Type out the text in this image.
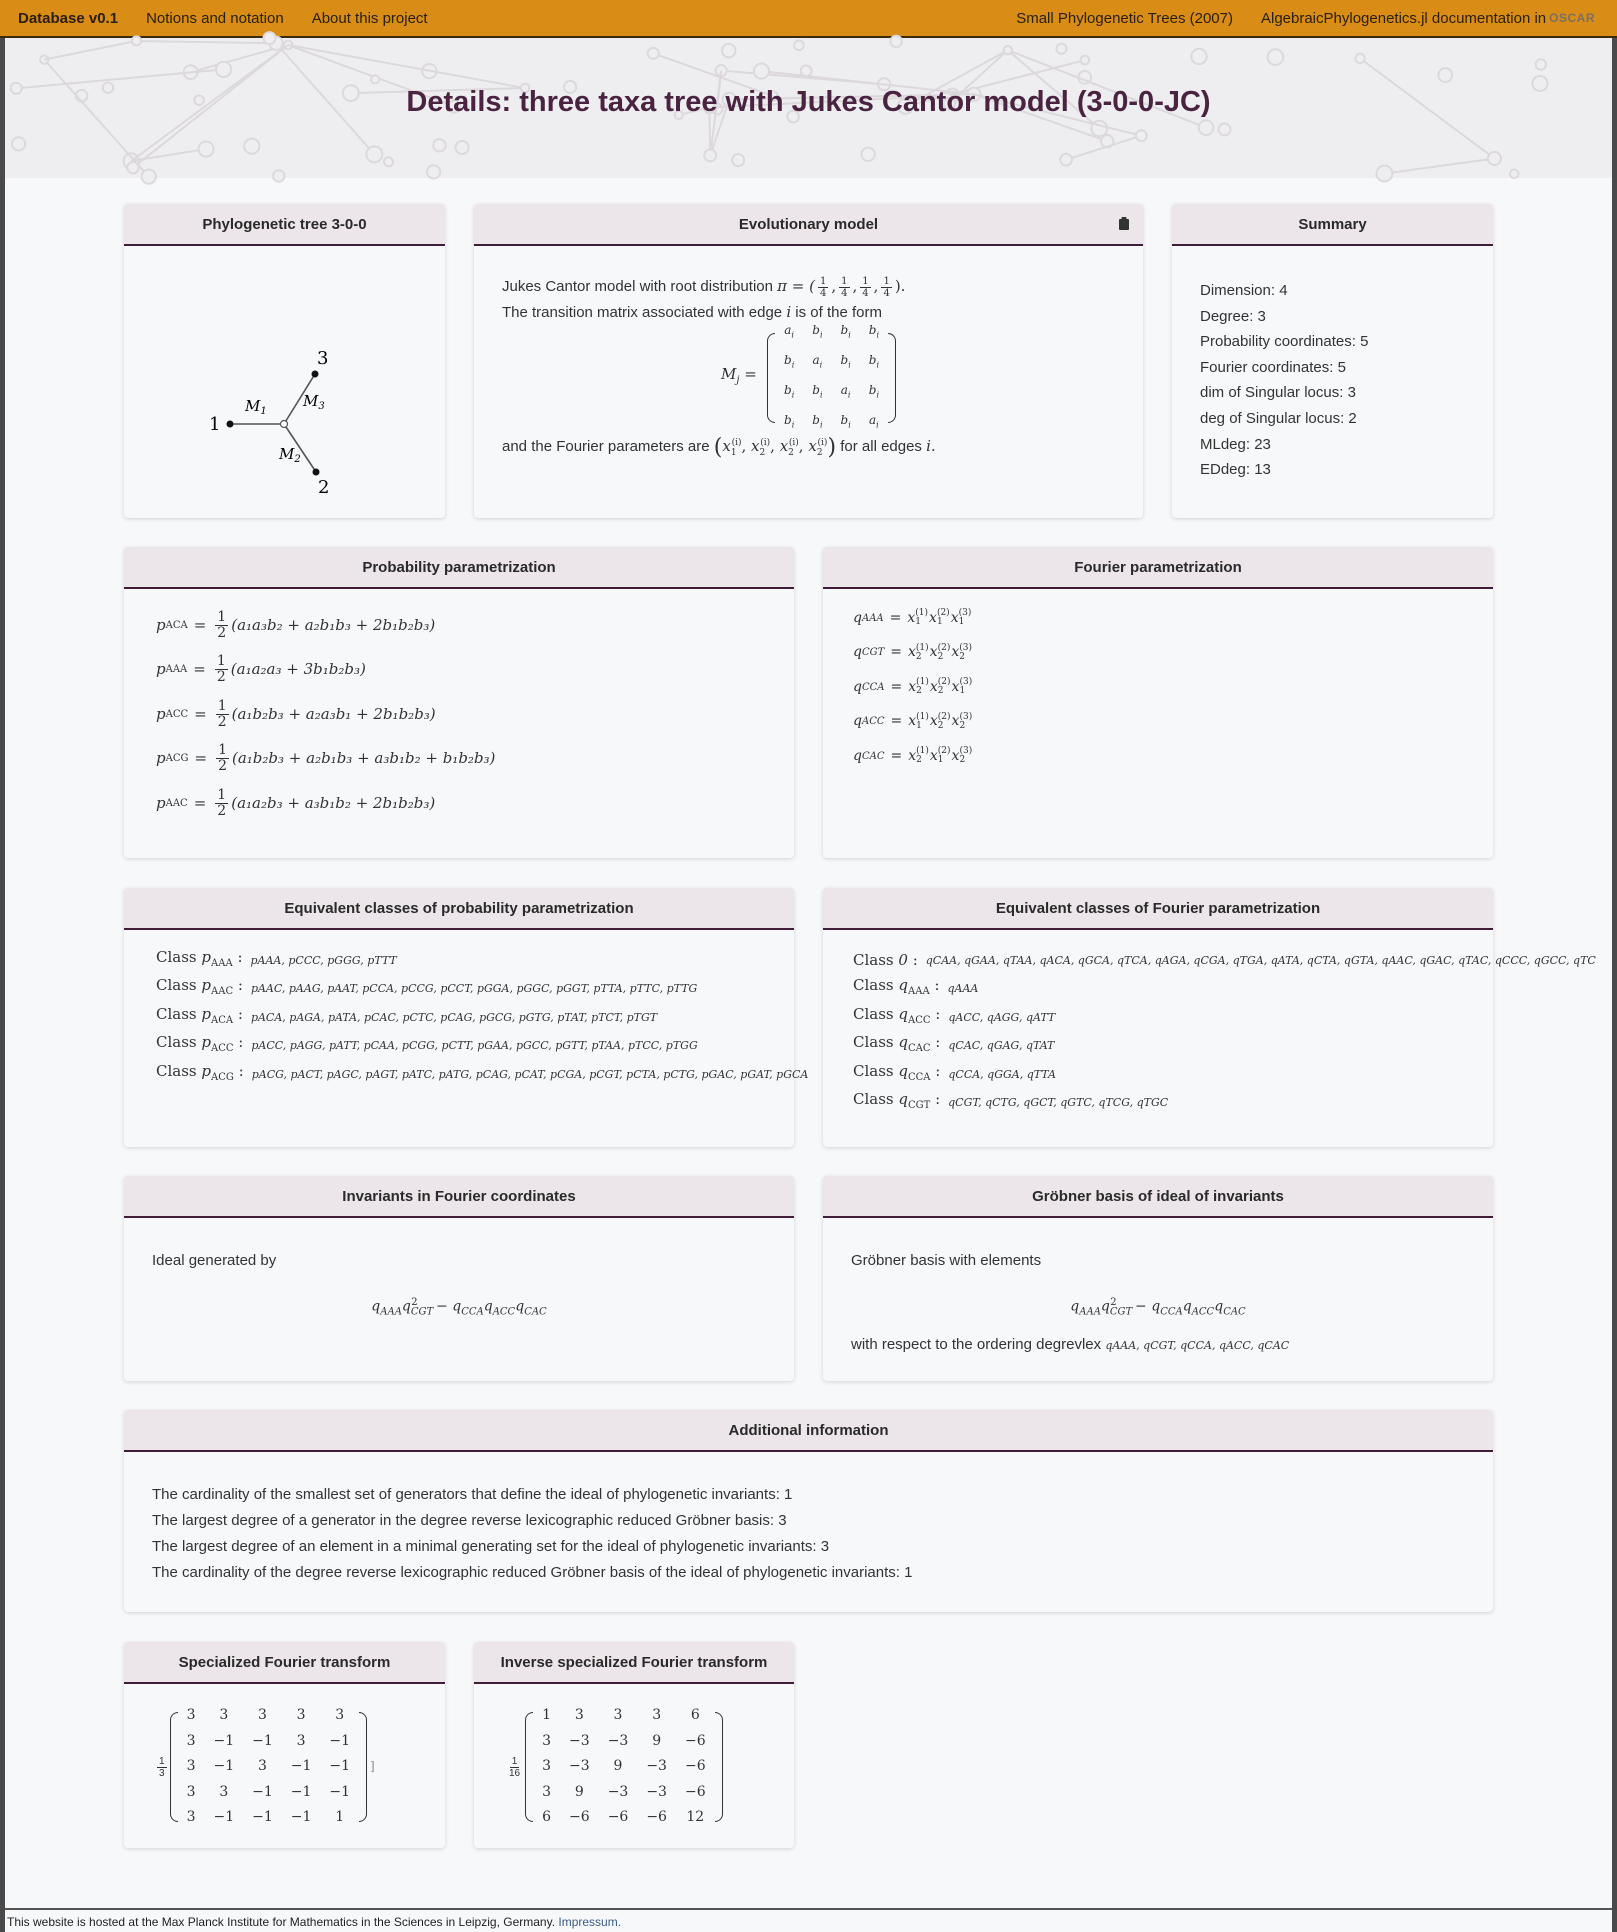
Database v0.1	Notions and notation	About this project	Small Phylogenetic Trees (2007)	AlgebraicPhylogenetics.jl documentation in OSCAR
Details: three taxa tree with Jukes Cantor model (3-0-0-JC)
Phylogenetic tree 3-0-0
1
3
2
$M_1$
$M_3$
$M_2$
Evolutionary model
Jukes Cantor model with root distribution π = ( $\frac{1}{4}$ , $\frac{1}{4}$ , $\frac{1}{4}$ , $\frac{1}{4}$ ).
The transition matrix associated with edge i is of the form
$M_j$ =
$a_i$	$b_i$	$b_i$	$b_i$
$b_i$	$a_i$	$b_i$	$b_i$
$b_i$	$b_i$	$a_i$	$b_i$
$b_i$	$b_i$	$b_i$	$a_i$
and the Fourier parameters are ($x_1^{(i)}$, $x_2^{(i)}$, $x_2^{(i)}$, $x_2^{(i)}$) for all edges i.
Summary
Dimension: 4
Degree: 3
Probability coordinates: 5
Fourier coordinates: 5
dim of Singular locus: 3
deg of Singular locus: 2
MLdeg: 23
EDdeg: 13
Probability parametrization
p ACA = $\frac{1}{2} (a_1a_3b_2 + a_2b_1b_3 + 2b_1b_2b_3)$
p AAA = $\frac{1}{2} (a_1a_2a_3 + 3b_1b_2b_3)$
p ACC = $\frac{1}{2} (a_1b_2b_3 + a_2a_3b_1 + 2b_1b_2b_3)$
p ACG = $\frac{1}{2} (a_1b_2b_3 + a_2b_1b_3 + a_3b_1b_2 + b_1b_2b_3)$
p AAC = $\frac{1}{2} (a_1a_2b_3 + a_3b_1b_2 + 2b_1b_2b_3)$
Fourier parametrization
q AAA = x (1)
1 x (2)
1 x (3)
1
q CGT = x (1)
2 x (2)
2 x (3)
2
q CCA = x (1)
2 x (2)
2 x (3)
1
q ACC = x (1)
1 x (2)
2 x (3)
2
q CAC = x (1)
2 x (2)
1 x (3)
2
Equivalent classes of probability parametrization
Class $p_{AAA}$ : pAAA, pCCC, pGGG, pTTT
Class $p_{AAC}$ : pAAC, pAAG, pAAT, pCCA, pCCG, pCCT, pGGA, pGGC, pGGT, pTTA, pTTC, pTTG
Class $p_{ACA}$ : pACA, pAGA, pATA, pCAC, pCTC, pCAG, pGCG, pGTG, pTAT, pTCT, pTGT
Class $p_{ACC}$ : pACC, pAGG, pATT, pCAA, pCGG, pCTT, pGAA, pGCC, pGTT, pTAA, pTCC, pTGG
Class $p_{ACG}$ : pACG, pACT, pAGC, pAGT, pATC, pATG, pCAG, pCAT, pCGA, pCGT, pCTA, pCTG, pGAC, pGAT, pGCA
Equivalent classes of Fourier parametrization
Class 0 : qCAA, qGAA, qTAA, qACA, qGCA, qTCA, qAGA, qCGA, qTGA, qATA, qCTA, qGTA, qAAC, qGAC, qTAC, qCCC, qGCC, qTC
Class $q_{AAA}$ : qAAA
Class $q_{ACC}$ : qACC, qAGG, qATT
Class $q_{CAC}$ : qCAC, qGAG, qTAT
Class $q_{CCA}$ : qCCA, qGGA, qTTA
Class $q_{CGT}$ : qCGT, qCTG, qGCT, qGTC, qTCG, qTGC
Invariants in Fourier coordinates
Ideal generated by
$q_{AAA}q_{CGT}^2 - q_{CCA}q_{ACC}q_{CAC}$
Gröbner basis of ideal of invariants
Gröbner basis with elements
$q_{AAA}q_{CGT}^2 - q_{CCA}q_{ACC}q_{CAC}$
with respect to the ordering degrevlex qAAA, qCGT, qCCA, qACC, qCAC
Additional information
The cardinality of the smallest set of generators that define the ideal of phylogenetic invariants: 1
The largest degree of a generator in the degree reverse lexicographic reduced Gröbner basis: 3
The largest degree of an element in a minimal generating set for the ideal of phylogenetic invariants: 3
The cardinality of the degree reverse lexicographic reduced Gröbner basis of the ideal of phylogenetic invariants: 1
Specialized Fourier transform
$\frac{1}{3}$
3	3	3	3	3
3	−1	−1	3	−1
3	−1	3	−1	−1
3	3	−1	−1	−1
3	−1	−1	−1	1
]
Inverse specialized Fourier transform
$\frac{1}{16}$
1	3	3	3	6
3	−3	−3	9	−6
3	−3	9	−3	−6
3	9	−3	−3	−6
6	−6	−6	−6	12
This website is hosted at the Max Planck Institute for Mathematics in the Sciences in Leipzig, Germany. Impressum.
